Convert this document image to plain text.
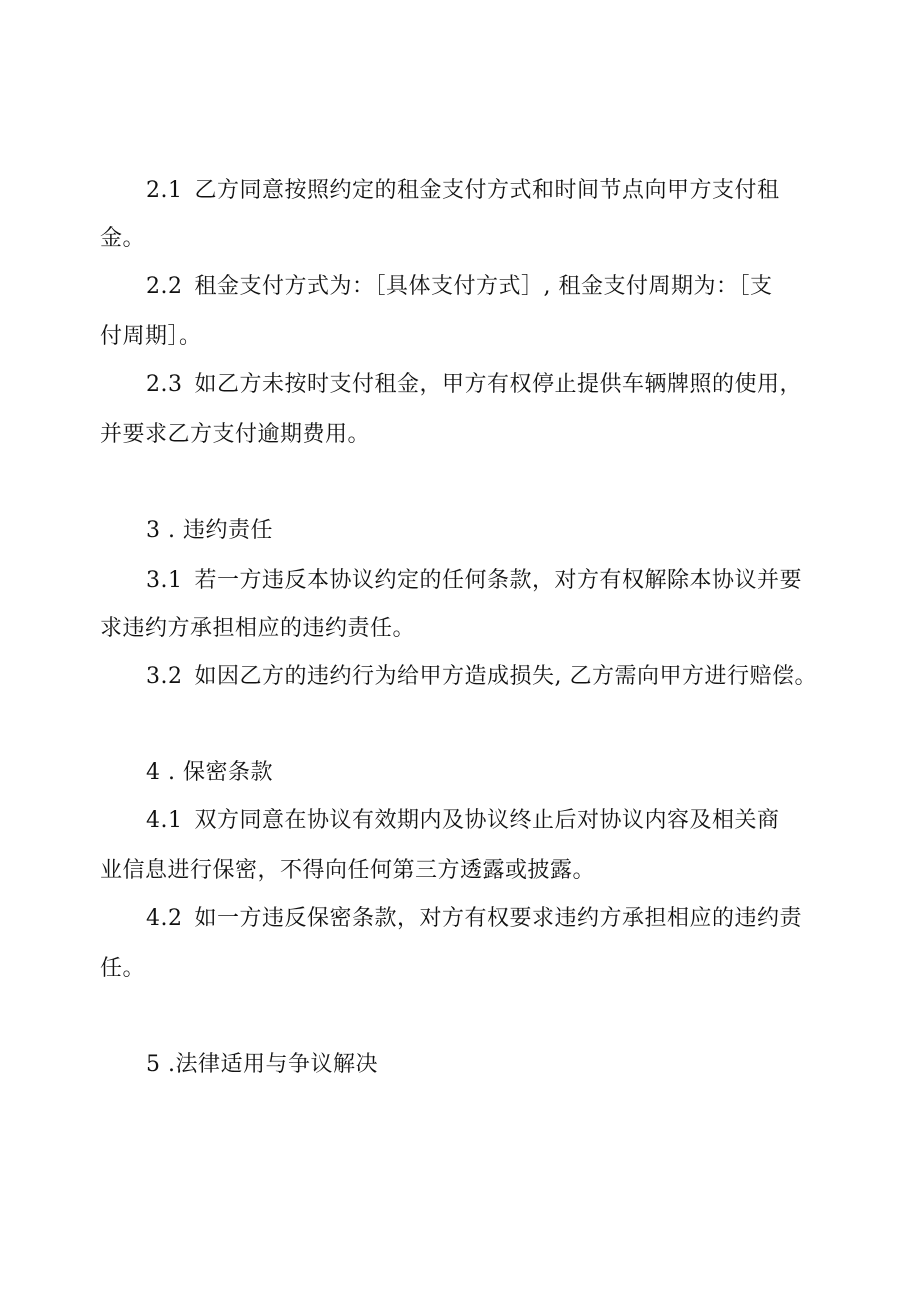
2.1 乙方同意按照约定的租金支付方式和时间节点向甲方支付租
金。
2.2 租金支付方式为：［具体支付方式］, 租金支付周期为：［支
付周期］。
2.3 如乙方未按时支付租金，甲方有权停止提供车辆牌照的使用，
并要求乙方支付逾期费用。
3 . 违约责任
3.1 若一方违反本协议约定的任何条款，对方有权解除本协议并要
求违约方承担相应的违约责任。
3.2 如因乙方的违约行为给甲方造成损失, 乙方需向甲方进行赔偿。
4 . 保密条款
4.1 双方同意在协议有效期内及协议终止后对协议内容及相关商
业信息进行保密，不得向任何第三方透露或披露。
4.2 如一方违反保密条款，对方有权要求违约方承担相应的违约责
任。
5 .法律适用与争议解决
